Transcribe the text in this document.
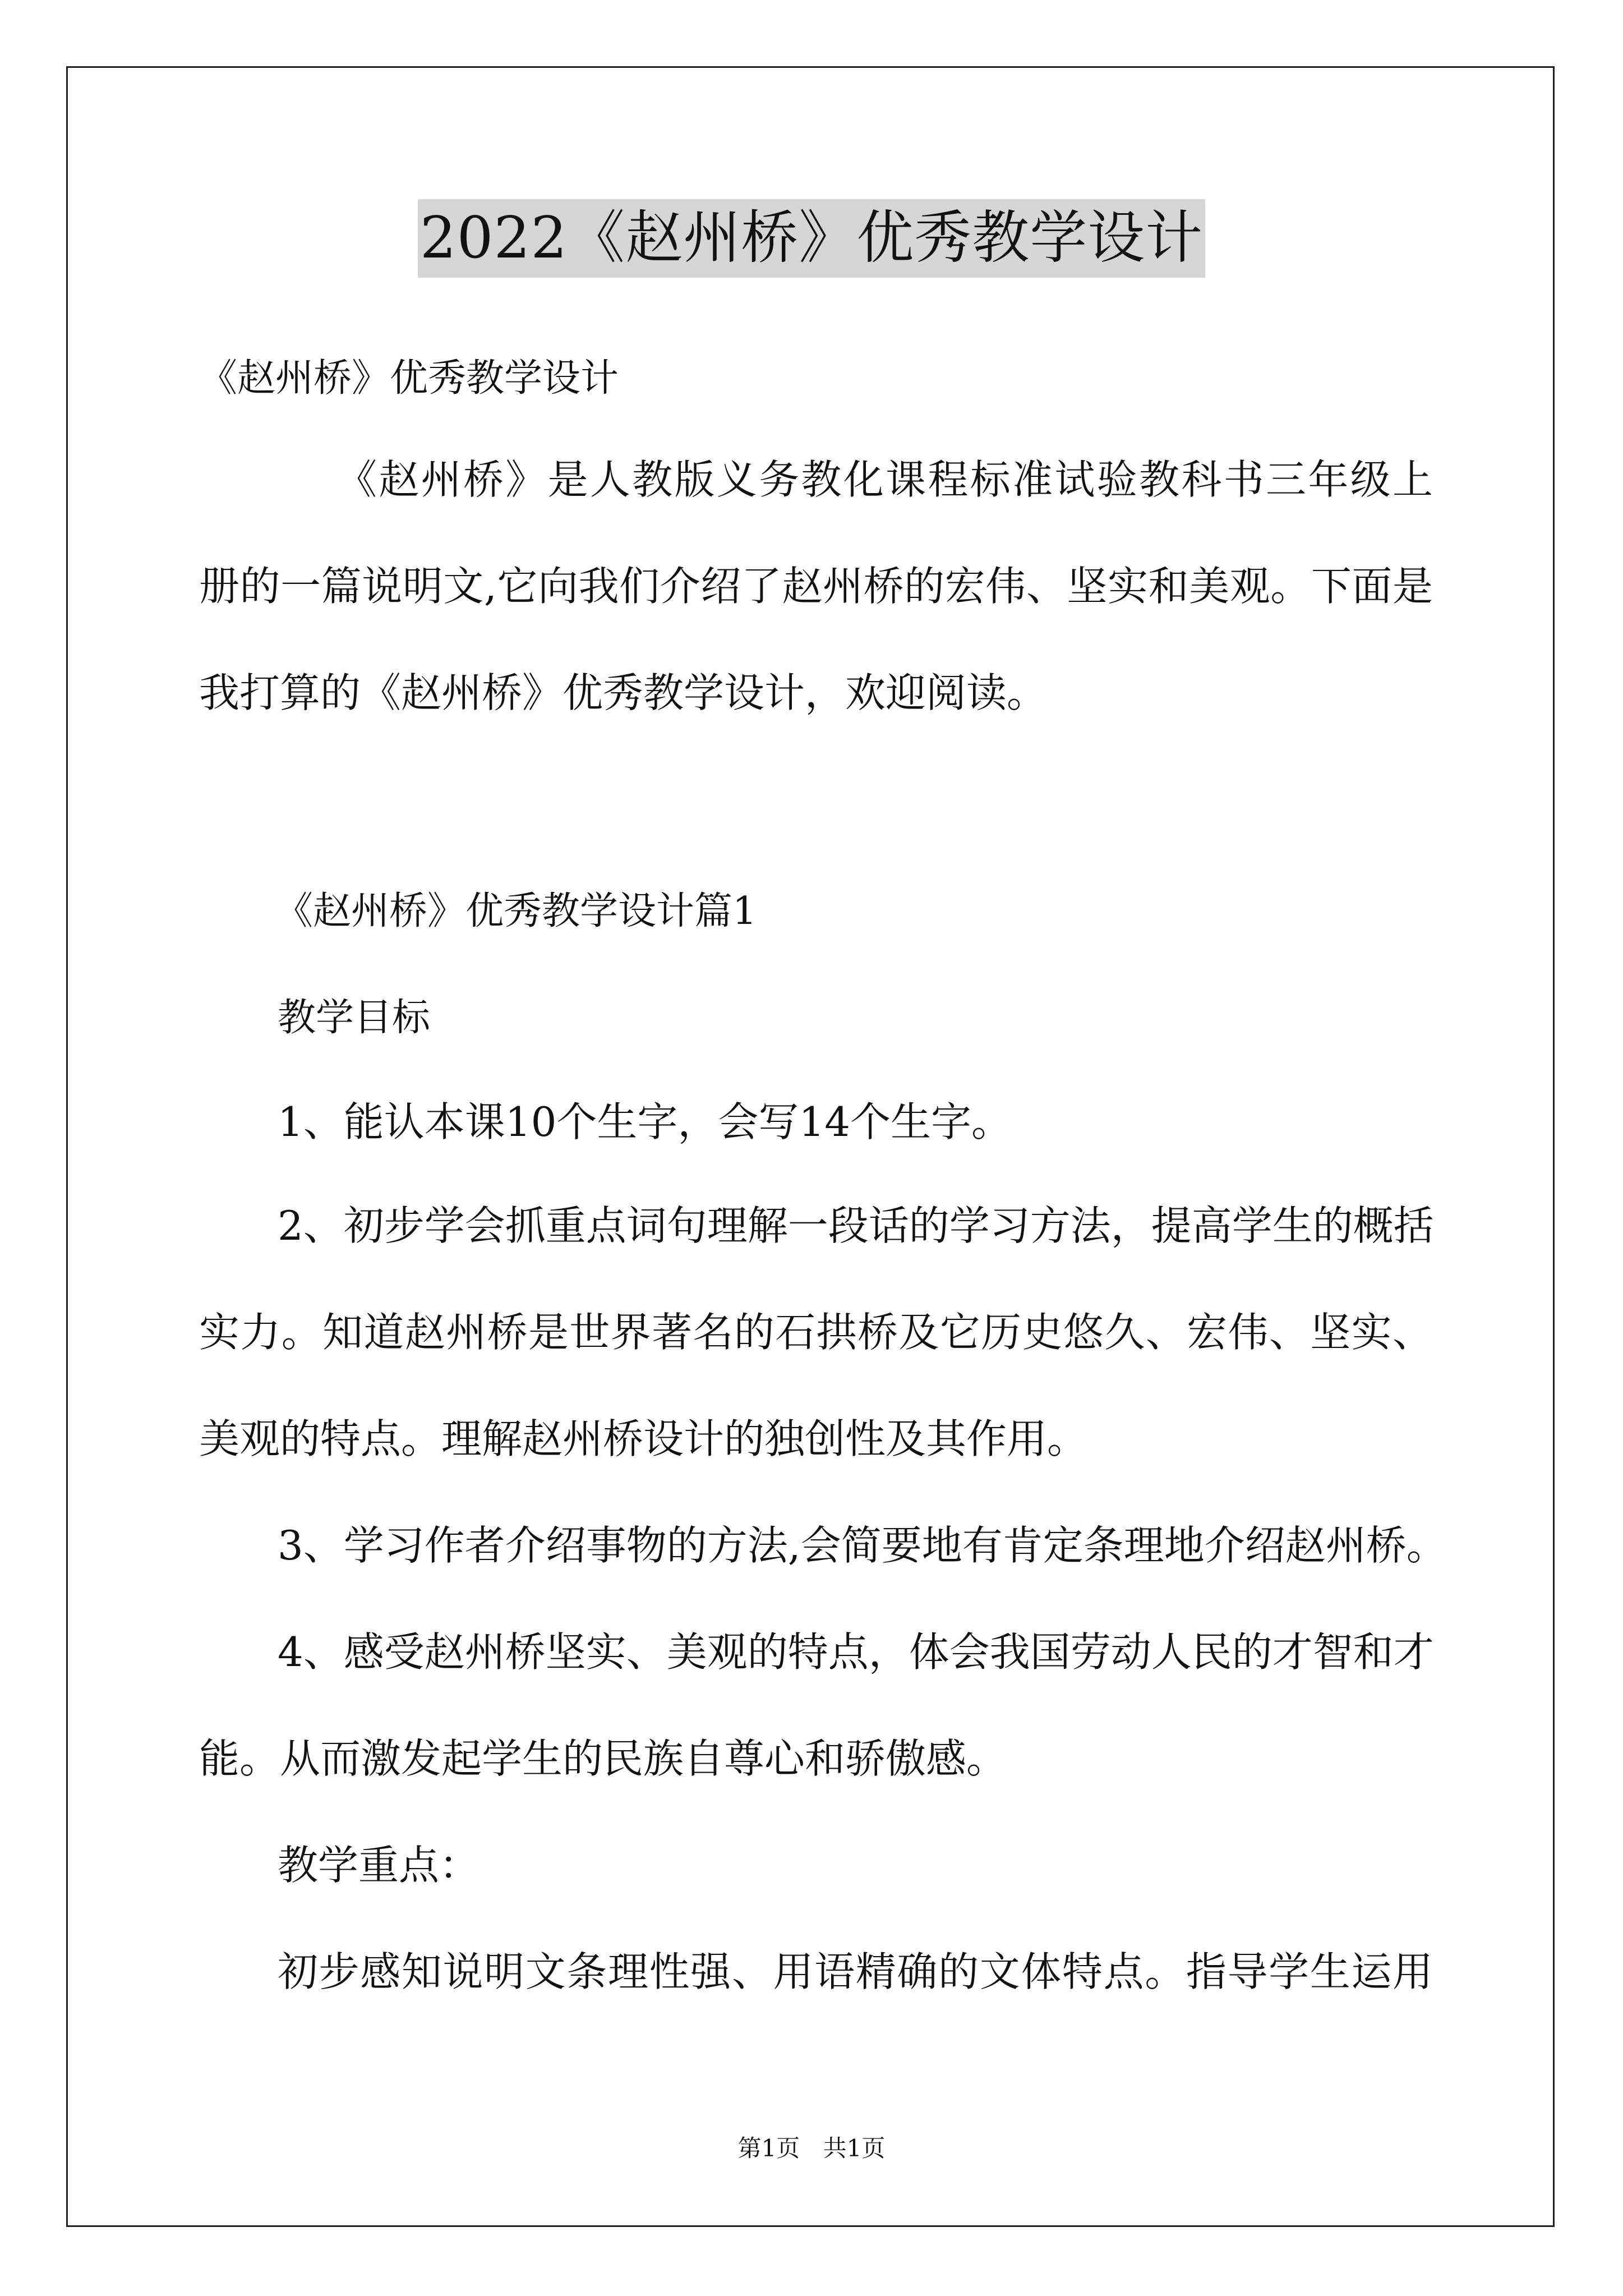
2022《赵州桥》优秀教学设计
《赵州桥》优秀教学设计
《赵州桥》是人教版义务教化课程标准试验教科书三年级上
册的一篇说明文,它向我们介绍了赵州桥的宏伟、坚实和美观。下面是
我打算的《赵州桥》优秀教学设计，欢迎阅读。
《赵州桥》优秀教学设计篇1
教学目标
1、能认本课10个生字，会写14个生字。
2、初步学会抓重点词句理解一段话的学习方法，提高学生的概括
实力。知道赵州桥是世界著名的石拱桥及它历史悠久、宏伟、坚实、
美观的特点。理解赵州桥设计的独创性及其作用。
3、学习作者介绍事物的方法,会简要地有肯定条理地介绍赵州桥。
4、感受赵州桥坚实、美观的特点，体会我国劳动人民的才智和才
能。从而激发起学生的民族自尊心和骄傲感。
教学重点：
初步感知说明文条理性强、用语精确的文体特点。指导学生运用
第1页 共1页
